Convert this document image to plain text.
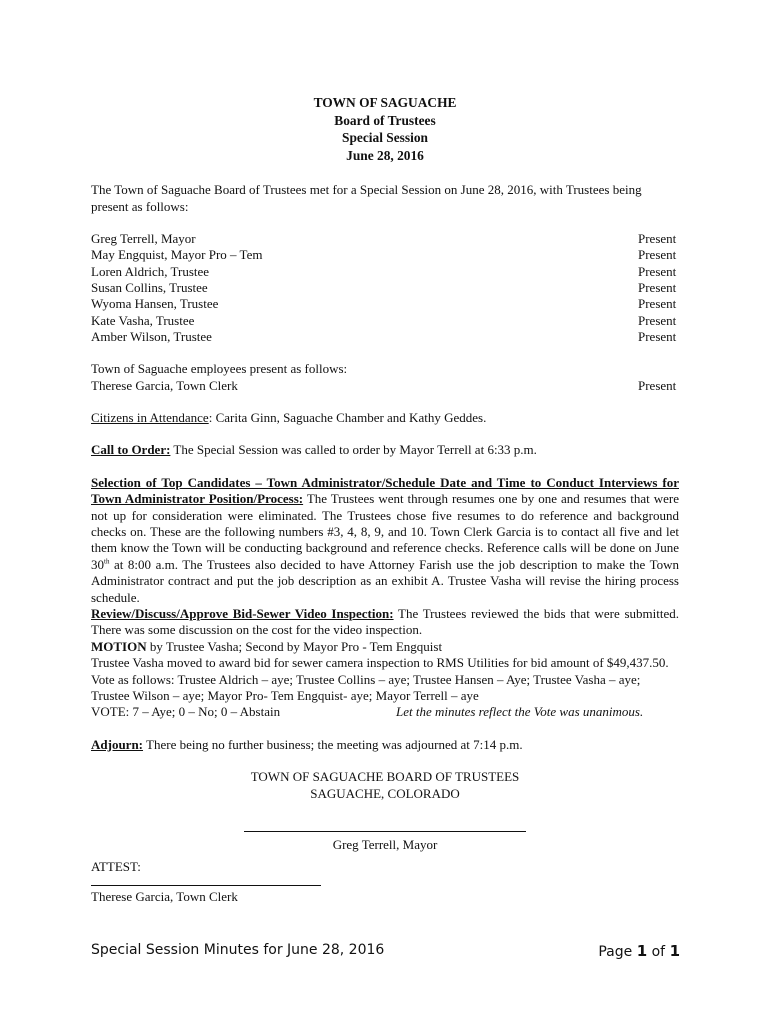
TOWN OF SAGUACHE
Board of Trustees
Special Session
June 28, 2016

The Town of Saguache Board of Trustees met for a Special Session on June 28, 2016, with Trustees being present as follows:

Greg Terrell, Mayor	Present
May Engquist, Mayor Pro – Tem	Present
Loren Aldrich, Trustee	Present
Susan Collins, Trustee	Present
Wyoma Hansen, Trustee	Present
Kate Vasha, Trustee	Present
Amber Wilson, Trustee	Present
Town of Saguache employees present as follows:
Therese Garcia, Town Clerk	Present

Citizens in Attendance: Carita Ginn, Saguache Chamber and Kathy Geddes.

Call to Order: The Special Session was called to order by Mayor Terrell at 6:33 p.m.

Selection of Top Candidates – Town Administrator/Schedule Date and Time to Conduct Interviews for Town Administrator Position/Process: The Trustees went through resumes one by one and resumes that were not up for consideration were eliminated. The Trustees chose five resumes to do reference and background checks on. These are the following numbers #3, 4, 8, 9, and 10. Town Clerk Garcia is to contact all five and let them know the Town will be conducting background and reference checks. Reference calls will be done on June 30th at 8:00 a.m. The Trustees also decided to have Attorney Farish use the job description to make the Town Administrator contract and put the job description as an exhibit A. Trustee Vasha will revise the hiring process schedule.

Review/Discuss/Approve Bid-Sewer Video Inspection: The Trustees reviewed the bids that were submitted. There was some discussion on the cost for the video inspection.

MOTION by Trustee Vasha; Second by Mayor Pro - Tem Engquist

Trustee Vasha moved to award bid for sewer camera inspection to RMS Utilities for bid amount of $49,437.50.

Vote as follows: Trustee Aldrich – aye; Trustee Collins – aye; Trustee Hansen – Aye; Trustee Vasha – aye; Trustee Wilson – aye; Mayor Pro- Tem Engquist- aye; Mayor Terrell – aye

VOTE: 7 – Aye; 0 – No; 0 – Abstain	Let the minutes reflect the Vote was unanimous.

Adjourn: There being no further business; the meeting was adjourned at 7:14 p.m.

TOWN OF SAGUACHE BOARD OF TRUSTEES
SAGUACHE, COLORADO
Greg Terrell, Mayor
ATTEST:
Therese Garcia, Town Clerk
Special Session Minutes for June 28, 2016	Page 1 of 1
